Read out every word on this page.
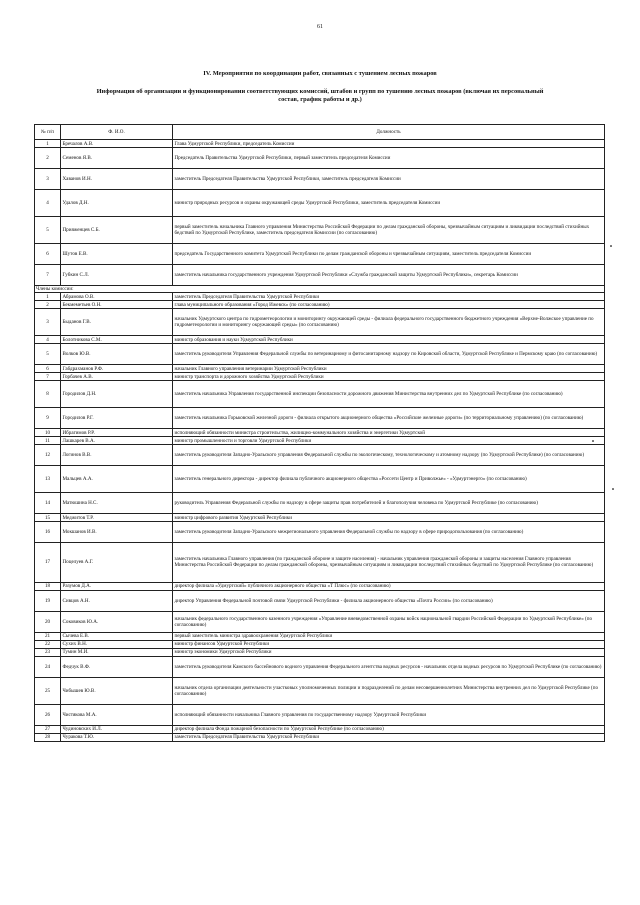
61
IV. Мероприятия по координации работ, связанных с тушением лесных пожаров
Информация об организации и функционировании соответствующих комиссий, штабов и групп по тушению лесных пожаров (включая их персональный состав, график работы и др.)
№ п/п	Ф. И.О.	Должность
1	Бречалов А.В.	Глава Удмуртской Республики, председатель Комиссии
2	Семенов Я.В.	Председатель Правительства Удмуртской Республики, первый заместитель председателя Комиссии
3	Хаванов И.Н.	заместитель Председателя Правительства Удмуртской Республики, заместитель председателя Комиссии
4	Удалов Д.Н.	министр природных ресурсов и охраны окружающей среды Удмуртской Республики, заместитель председателя Комиссии
5	Прияженцев С.Б.	первый заместитель начальника Главного управления Министерства Российской Федерации по делам гражданской обороны, чрезвычайным ситуациям и ликвидации последствий стихийных бедствий по Удмуртской Республике, заместитель председателя Комиссии (по согласованию)
6	Шутов Е.В.	председатель Государственного комитета Удмуртской Республики по делам гражданской обороны и чрезвычайным ситуациям, заместитель председателя Комиссии
7	Губкин С.Л.	заместитель начальника государственного учреждения Удмуртской Республики «Служба гражданской защиты Удмуртской Республики», секретарь Комиссии
Члены комиссии:		
1	Абрамова О.В.	заместитель Председателя Правительства Удмуртской Республики
2	Бекмеметьев О.Н.	глава муниципального образования «Город Ижевск» (по согласованию)
3	Быданов Г.В.	начальник Удмуртского центра по гидрометеорологии и мониторингу окружающей среды - филиала федерального государственного бюджетного учреждения «Верхне-Волжское управление по гидрометеорологии и мониторингу окружающей среды» (по согласованию)
4	Болотникова С.М.	министр образования и науки Удмуртской Республики
5	Волков Ю.В.	заместитель руководителя Управления Федеральной службы по ветеринарному и фитосанитарному надзору по Кировской области, Удмуртской Республике и Пермскому краю (по согласованию)
6	Габдрахманов Р.Ф.	начальник Главного управления ветеринарии Удмуртской Республики
7	Горбачев А.В.	министр транспорта и дорожного хозяйства Удмуртской Республики
8	Городилов Д.Н.	заместитель начальника Управления государственной инспекции безопасности дорожного движения Министерства внутренних дел по Удмуртской Республике (по согласованию)
9	Городилов Р.Г.	заместитель начальника Горьковской железной дороги - филиала открытого акционерного общества «Российские железные дороги» (по территориальному управлению) (по согласованию)
10	Ибрагимов Р.Р.	исполняющий обязанности министра строительства, жилищно-коммунального хозяйства и энергетики Удмуртской
11	Лашкарев В.А.	министр промышленности и торговли Удмуртской Республики
12	Логинов В.В.	заместитель руководителя Западно-Уральского управления Федеральной службы по экологическому, технологическому и атомному надзору (по Удмуртской Республике) (по согласованию)
13	Мальцев А.А.	заместитель генерального директора - директор филиала публичного акционерного общества «Россети Центр и Приволжье» - «Удмуртэнерго» (по согласованию)
14	Матюшина Н.С.	руководитель Управления Федеральной службы по надзору в сфере защиты прав потребителей и благополучия человека по Удмуртской Республике (по согласованию)
15	Меджитов Т.Р.	министр цифрового развития Удмуртской Республики
16	Мокшанов И.В.	заместитель руководителя Западно-Уральского межрегионального управления Федеральной службы по надзору в сфере природопользования (по согласованию)
17	Поцелуев А.Г.	заместитель начальника Главного управления (по гражданской обороне и защите населения) - начальник управления гражданской обороны и защиты населения Главного управления Министерства Российской Федерации по делам гражданской обороны, чрезвычайным ситуациям и ликвидации последствий стихийных бедствий по Удмуртской Республике (по согласованию)
18	Разумов Д.А.	директор филиала «Удмуртский» публичного акционерного общества «Т Плюс» (по согласованию)
19	Сивцов А.Н.	директор Управления Федеральной почтовой связи Удмуртской Республики - филиала акционерного общества «Почта России» (по согласованию)
20	Соковиков Ю.А.	начальник федерального государственного казенного учреждения «Управление вневедомственной охраны войск национальной гвардии Российской Федерации по Удмуртской Республике» (по согласованию)
21	Сычева Е.В.	первый заместитель министра здравоохранения Удмуртской Республики
22	Сухих В.Н.	министр финансов Удмуртской Республики
23	Тумин М.И.	министр экономики Удмуртской Республики
24	Федчук В.Ф.	заместитель руководителя Камского бассейнового водного управления Федерального агентства водных ресурсов - начальник отдела водных ресурсов по Удмуртской Республике (по согласованию)
25	Чибышев Ю.В.	начальник отдела организации деятельности участковых уполномоченных полиции и подразделений по делам несовершеннолетних Министерства внутренних дел по Удмуртской Республике (по согласованию)
26	Чистякова М.А.	исполняющий обязанности начальника Главного управления по государственному надзору Удмуртской Республики
27	Чудиновских И.Л.	директор филиала Фонда пожарной безопасности по Удмуртской Республике (по согласованию)
28	Чуракова Т.Ю.	заместитель Председателя Правительства Удмуртской Республики
